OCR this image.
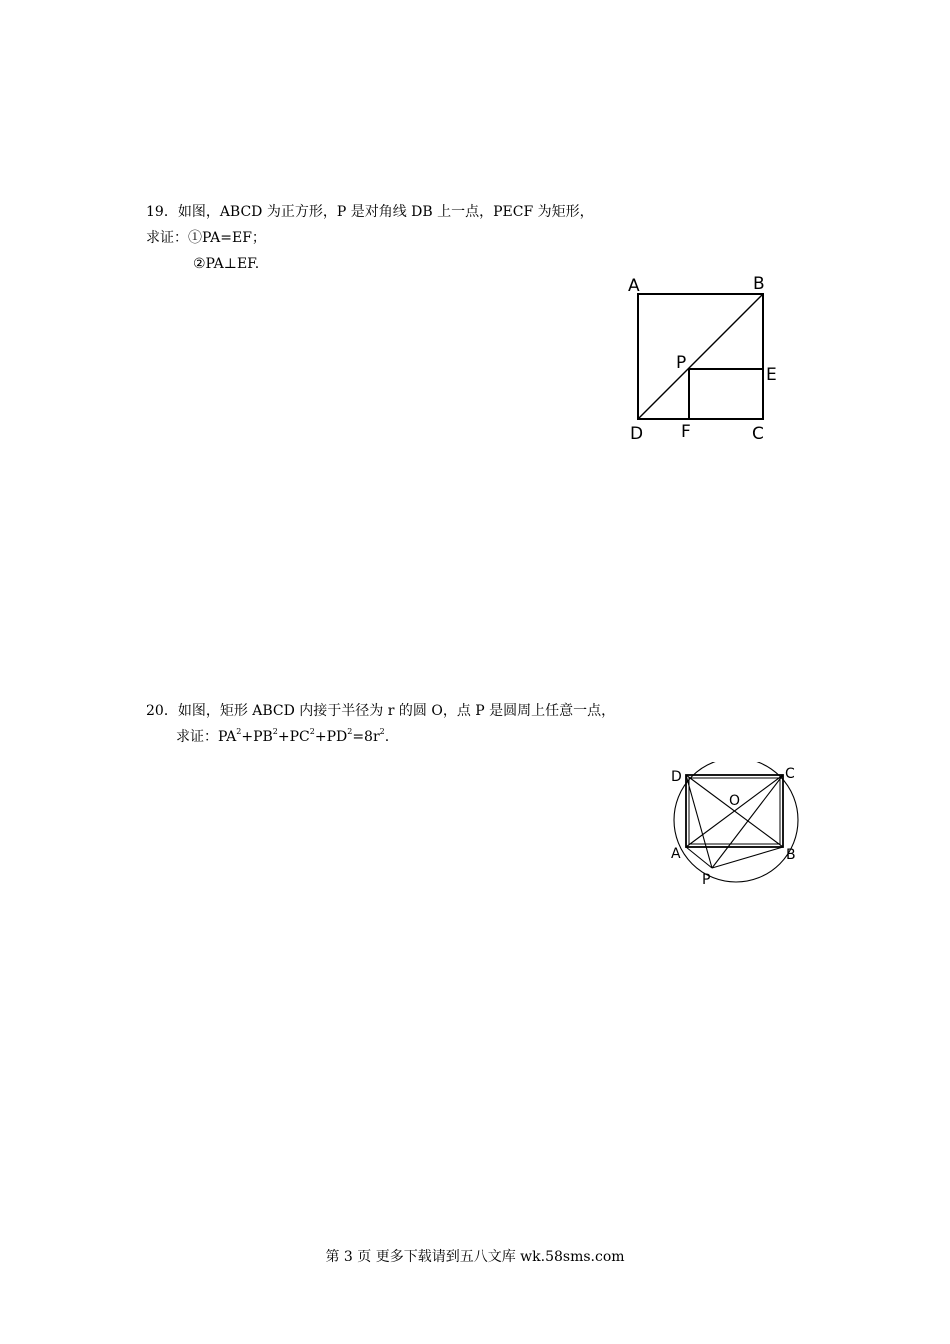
19．如图，ABCD 为正方形，P 是对角线 DB 上一点，PECF 为矩形，
求证：①PA=EF；
②PA⊥EF.
A	B
P
E
D F	C
20．如图，矩形 ABCD 内接于半径为 r 的圆 O，点 P 是圆周上任意一点，
求证：$PA^2+PB^2+PC^2+PD^2=8r^2$.
D	C
O
A	B
P
第 3 页 更多下载请到五八文库 wk.58sms.com
